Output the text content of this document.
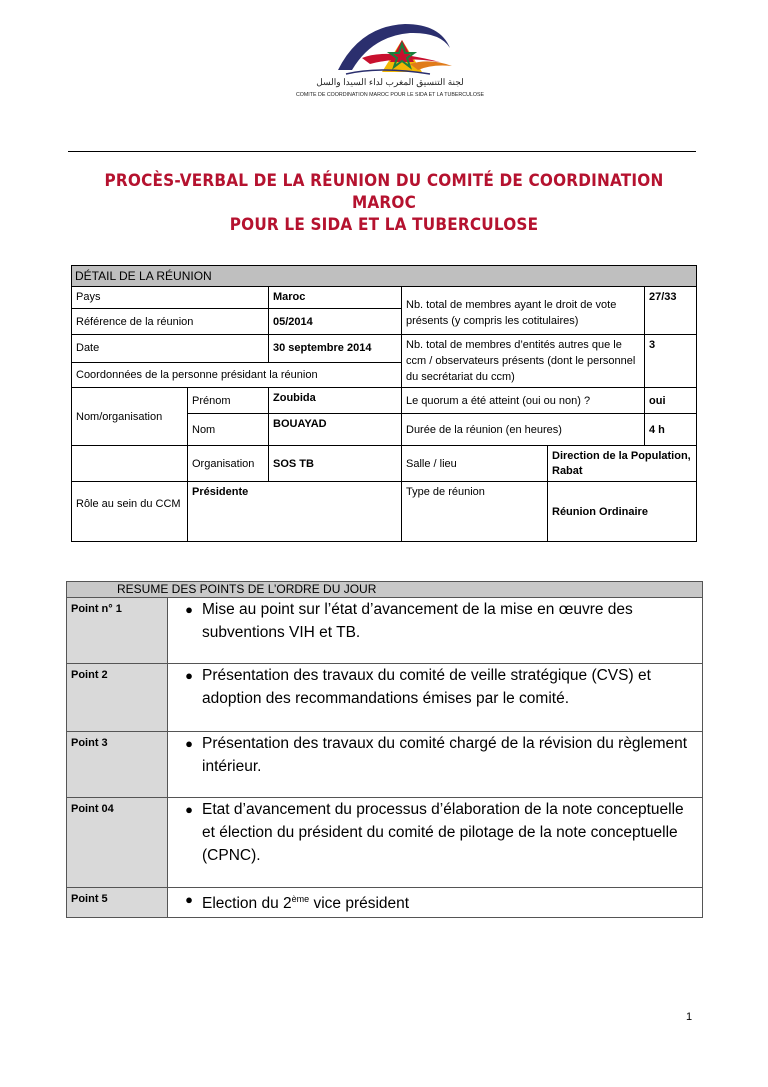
لجنة التنسيق المغرب لداء السيدا والسل
COMITE DE COORDINATION MAROC POUR LE SIDA ET LA TUBERCULOSE
PROCÈS-VERBAL DE LA RÉUNION DU COMITÉ DE COORDINATION MAROC
POUR LE SIDA ET LA TUBERCULOSE
DÉTAIL DE LA RÉUNION					
Pays		Maroc	Nb. total de membres ayant le droit de vote présents (y compris les cotitulaires)		27/33
Référence de la réunion		05/2014			
Date		30 septembre 2014	Nb. total de membres d’entités autres que le ccm / observateurs présents (dont le personnel du secrétariat du ccm)		3
Coordonnées de la personne présidant la réunion					
Nom/organisation	Prénom	Zoubida	Le quorum a été atteint (oui ou non) ?		oui
	Nom	BOUAYAD	Durée de la réunion (en heures)		4 h
	Organisation	SOS TB	Salle / lieu	Direction de la Population, Rabat	
Rôle au sein du CCM	Présidente		Type de réunion	Réunion Ordinaire	
RESUME DES POINTS DE L’ORDRE DU JOUR	
Point n° 1	● Mise au point sur l’état d’avancement de la mise en œuvre des subventions VIH et TB.

Point 2	● Présentation des travaux du comité de veille stratégique (CVS) et adoption des recommandations émises par le comité.

Point 3	● Présentation des travaux du comité chargé de la révision du règlement intérieur.

Point 04	● Etat d’avancement du processus d’élaboration de la note conceptuelle et élection du président du comité de pilotage de la note conceptuelle (CPNC).

Point 5	● Election du 2ème vice président
1
